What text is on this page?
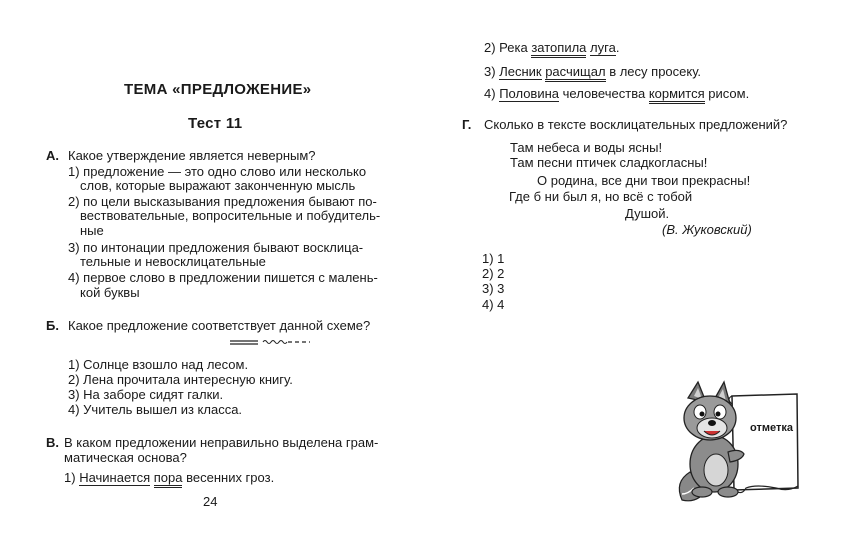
ТЕМА «ПРЕДЛОЖЕНИЕ»
Тест 11
А. Какое утверждение является неверным?
1) предложение — это одно слово или несколько
слов, которые выражают законченную мысль
2) по цели высказывания предложения бывают по-
вествовательные, вопросительные и побудитель-
ные
3) по интонации предложения бывают восклица-
тельные и невосклицательные
4) первое слово в предложении пишется с малень-
кой буквы
Б. Какое предложение соответствует данной схеме?
1) Солнце взошло над лесом.
2) Лена прочитала интересную книгу.
3) На заборе сидят галки.
4) Учитель вышел из класса.
В. В каком предложении неправильно выделена грам-
матическая основа?
1) Начинается пора весенних гроз.
24
2) Река затопила луга.
3) Лесник расчищал в лесу просеку.
4) Половина человечества кормится рисом.
Г. Сколько в тексте восклицательных предложений?
Там небеса и воды ясны!
Там песни птичек сладкогласны!
О родина, все дни твои прекрасны!
Где б ни был я, но всё с тобой
Душой.
(В. Жуковский)
1) 1
2) 2
3) 3
4) 4
отметка
